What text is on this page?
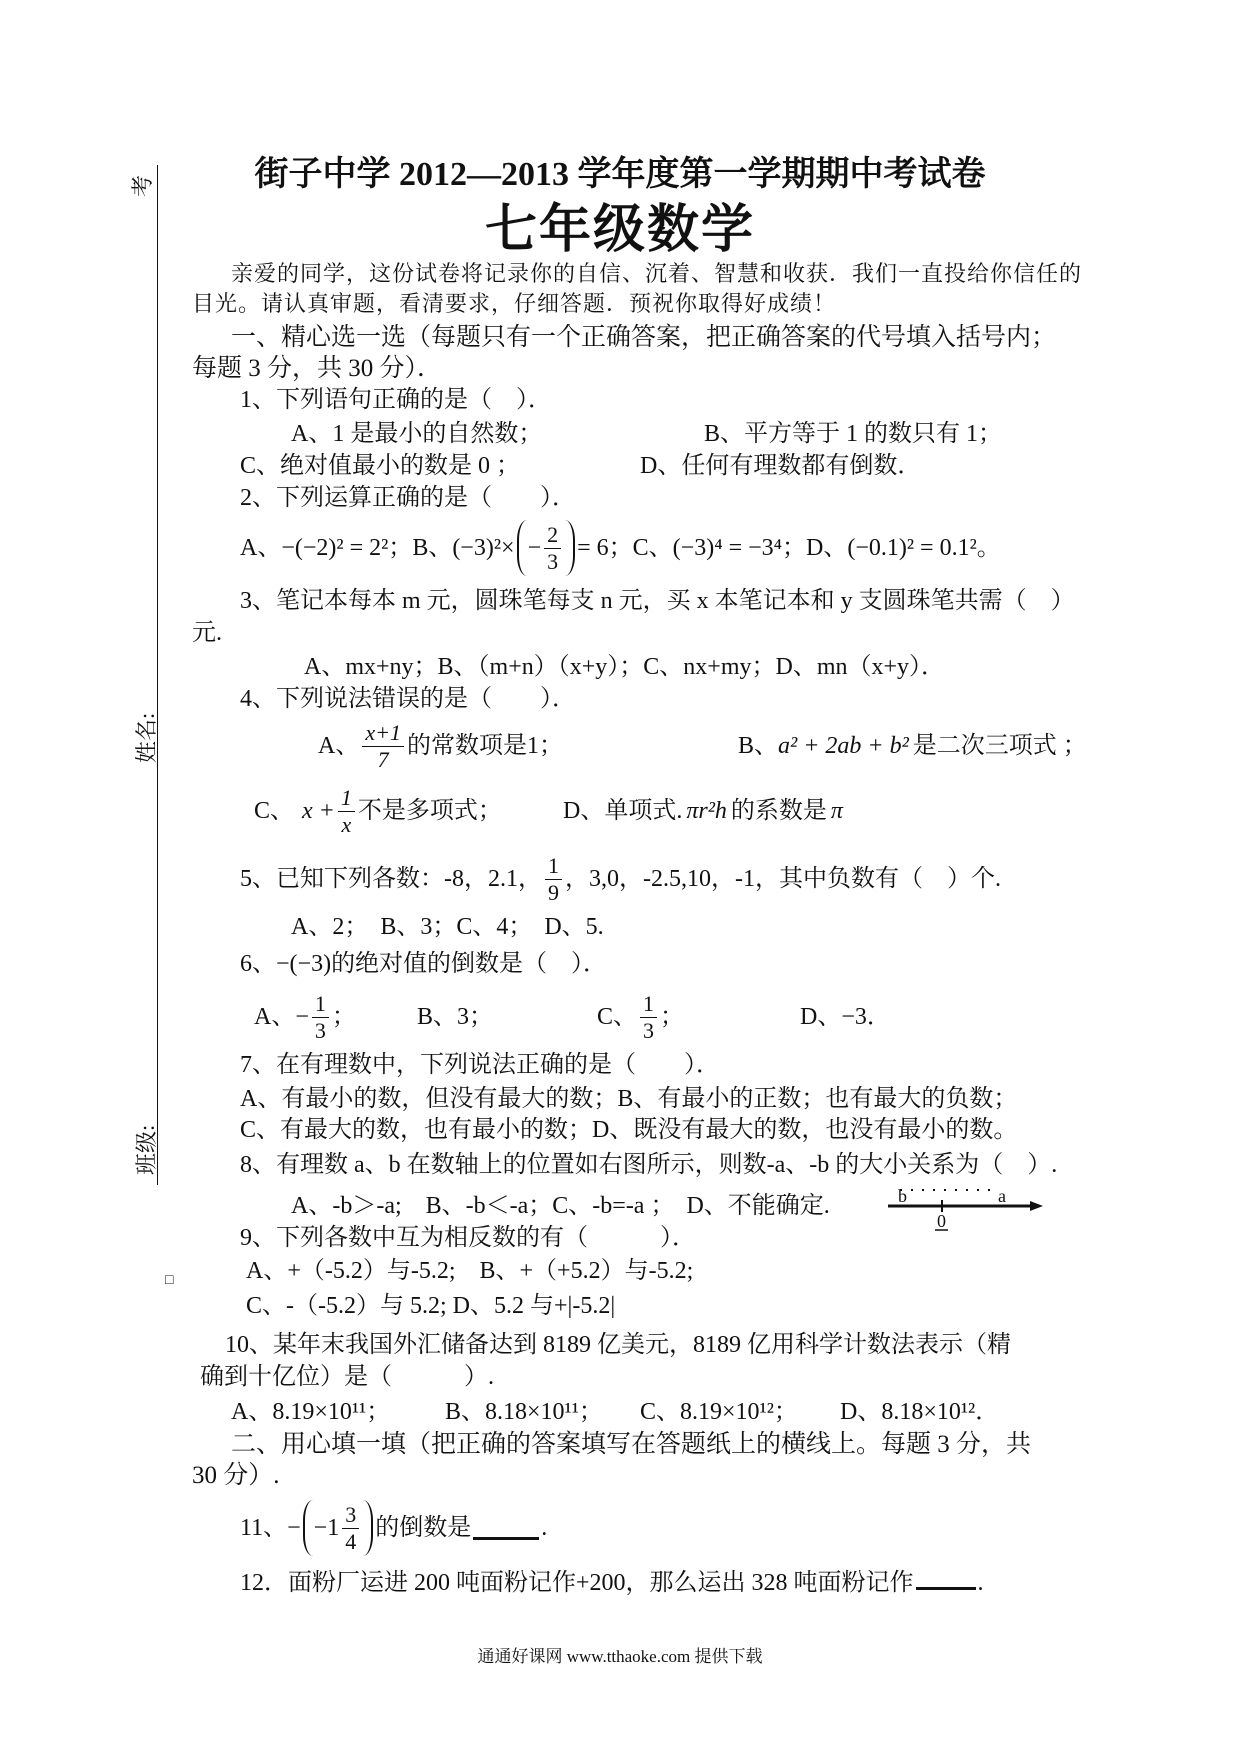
考
姓名:
班级:
□
街子中学 2012—2013 学年度第一学期期中考试卷
七年级数学
亲爱的同学，这份试卷将记录你的自信、沉着、智慧和收获．我们一直投给你信任的
目光。请认真审题，看清要求，仔细答题．预祝你取得好成绩！
一、精心选一选（每题只有一个正确答案，把正确答案的代号填入括号内；
每题 3 分，共 30 分）．
1、下列语句正确的是（　）．
A、1 是最小的自然数；	B、平方等于 1 的数只有 1；
C、绝对值最小的数是 0 ；	D、任何有理数都有倒数．
2、下列运算正确的是（　　）．
A、−(−2)² = 2²； B、$(-3)^2\times - \frac{2}{3} = 6$； C、(−3)⁴ = −3⁴； D、(−0.1)² = 0.1²。
3、笔记本每本 m 元，圆珠笔每支 n 元，买 x 本笔记本和 y 支圆珠笔共需（　）
元.
A、mx+ny；B、（m+n）（x+y）；C、nx+my；D、mn（x+y）．
4、下列说法错误的是（　　）．
A、 $\frac{x+1}{7}$ 的常数项是1；	B、 a² + 2ab + b² 是二次三项式 ；
C、 $x + \frac{1}{x}$ 不是多项式；	D、单项式. πr²h 的系数是 π
5、已知下列各数：-8，2.1， $\frac{1}{9}$ ，3,0，-2.5,10，-1，其中负数有（　）个.
A、2；　B、3；C、4；　D、5.
6、−(−3)的绝对值的倒数是（　）．
A、 − $\frac{1}{3}$ ；	B、3；	C、 $\frac{1}{3}$ ；	D、−3．
7、在有理数中，下列说法正确的是（　　）．
A、有最小的数，但没有最大的数；B、有最小的正数；也有最大的负数；
C、有最大的数，也有最小的数；D、既没有最大的数，也没有最小的数。
8、有理数 a、b 在数轴上的位置如右图所示，则数-a、-b 的大小关系为（　）.
A、-b＞-a;　B、-b＜-a；C、-b=-a ；　D、不能确定.	b
0
a
9、下列各数中互为相反数的有（　　　）．
A、+（-5.2）与-5.2;　B、+（+5.2）与-5.2;
C、-（-5.2）与 5.2; D、5.2 与+|-5.2|
10、某年末我国外汇储备达到 8189 亿美元，8189 亿用科学计数法表示（精
确到十亿位）是（　　　）.
A、8.19×10¹¹； B、8.18×10¹¹； C、8.19×10¹²； D、8.18×10¹²．
二、用心填一填（把正确的答案填写在答题纸上的横线上。每题 3 分，共
30 分）.
11、− $-1 \frac{3}{4}$ 的倒数是	.
12．面粉厂运进 200 吨面粉记作+200，那么运出 328 吨面粉记作	.
通通好课网 www.tthaoke.com 提供下载
